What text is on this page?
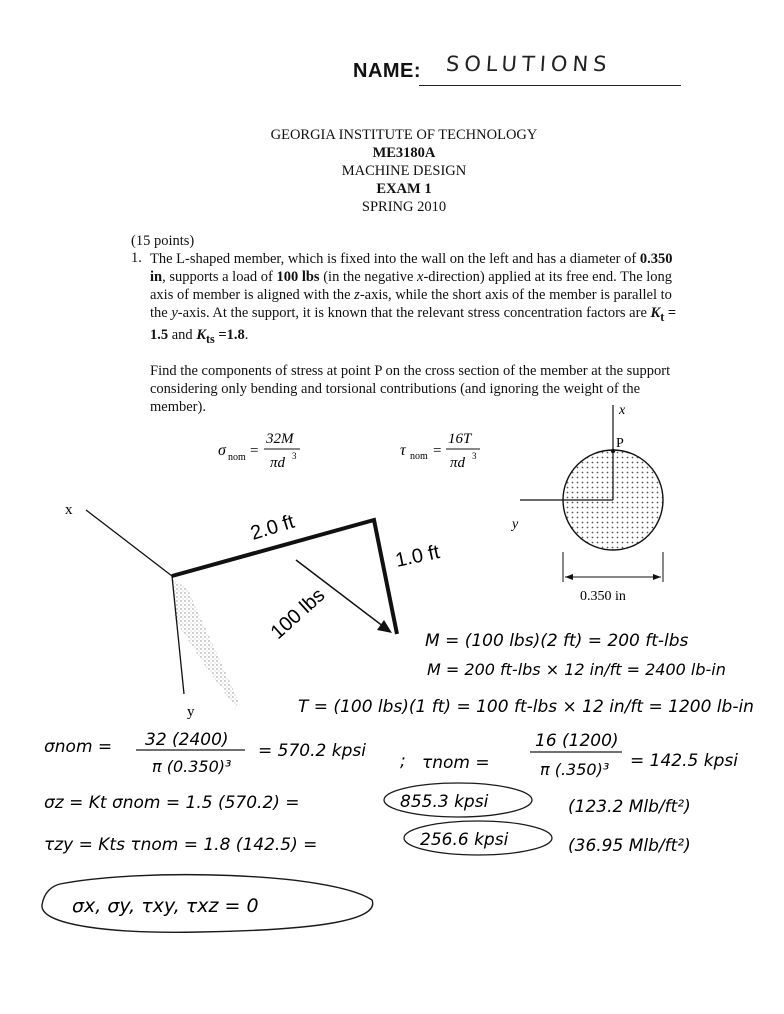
NAME: SOLUTIONS
GEORGIA INSTITUTE OF TECHNOLOGY
ME3180A
MACHINE DESIGN
EXAM 1
SPRING 2010
(15 points)
1. The L-shaped member, which is fixed into the wall on the left and has a diameter of 0.350 in, supports a load of 100 lbs (in the negative x-direction) applied at its free end. The long axis of member is aligned with the z-axis, while the short axis of the member is parallel to the y-axis. At the support, it is known that the relevant stress concentration factors are $K_t = 1.5$ and $K_{ts} =1.8$.

Find the components of stress at point P on the cross section of the member at the support considering only bending and torsional contributions (and ignoring the weight of the member).

σ nom =
32M
πd 3	τ nom =
16T
πd 3
x
y
P
0.350 in
x
y
2.0 ft
1.0 ft
100 lbs	M = (100 lbs)(2 ft) = 200 ft-lbs
M = 200 ft-lbs × 12 in/ft = 2400 lb-in
T = (100 lbs)(1 ft) = 100 ft-lbs × 12 in/ft = 1200 lb-in
σnom = 32 (2400)
π (0.350)³
= 570.2 kpsi ; τnom =
16 (1200)
π (.350)³ = 142.5 kpsi
σz = Kt σnom = 1.5 (570.2) =	855.3 kpsi	(123.2 Mlb/ft²)
τzy = Kts τnom = 1.8 (142.5) =	256.6 kpsi	(36.95 Mlb/ft²)
σx, σy, τxy, τxz = 0
